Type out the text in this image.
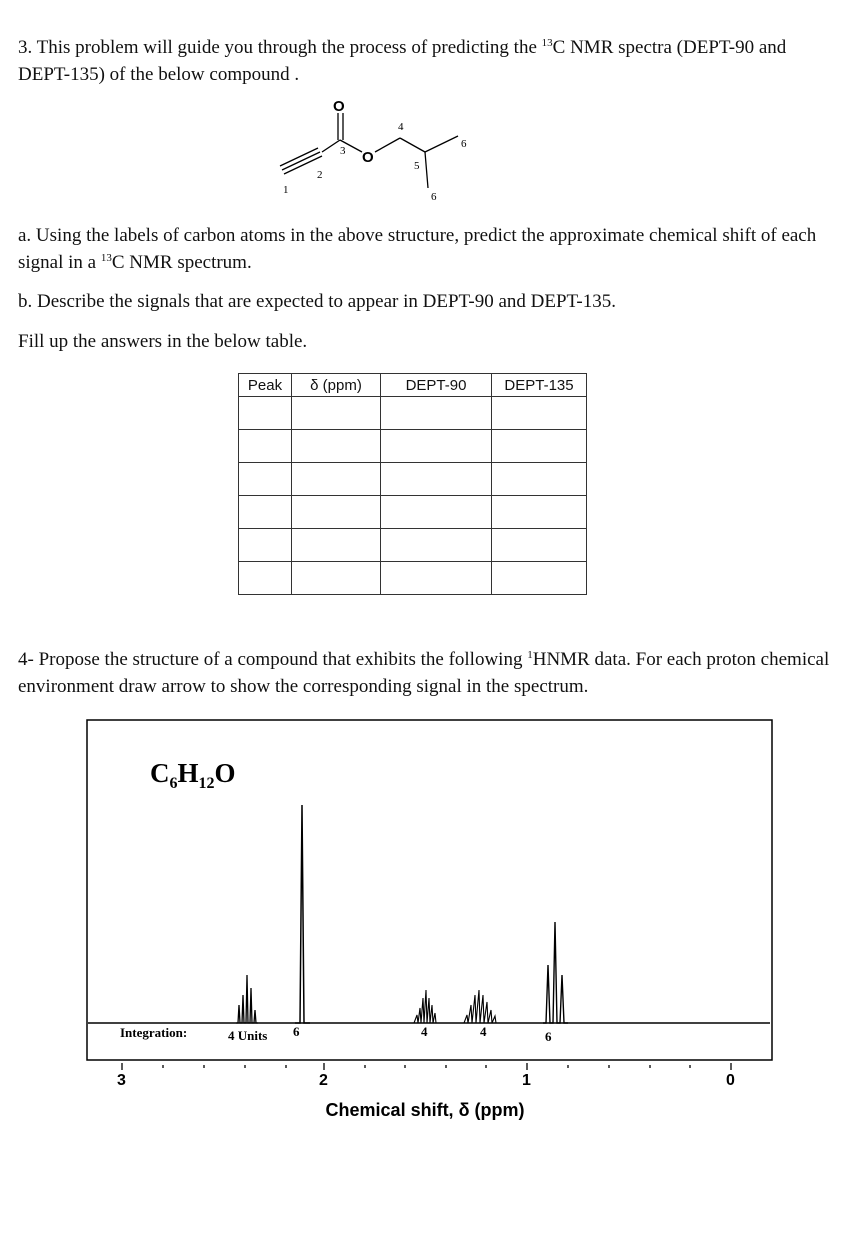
3. This problem will guide you through the process of predicting the $^{13}$C NMR spectra (DEPT-90 and DEPT-135) of the below compound .
O
O
1
2
3
4
5
6
6
a. Using the labels of carbon atoms in the above structure, predict the approximate chemical shift of each signal in a $^{13}$C NMR spectrum.
b. Describe the signals that are expected to appear in DEPT-90 and DEPT-135.
Fill up the answers in the below table.
Peak	δ (ppm)	DEPT-90	DEPT-135

4- Propose the structure of a compound that exhibits the following $^1$HNMR data. For each proton chemical environment draw arrow to show the corresponding signal in the spectrum.
$C_6H_{12}O$
Integration:	4 Units 6	4	4	6
3	2	1	0
Chemical shift, δ (ppm)
